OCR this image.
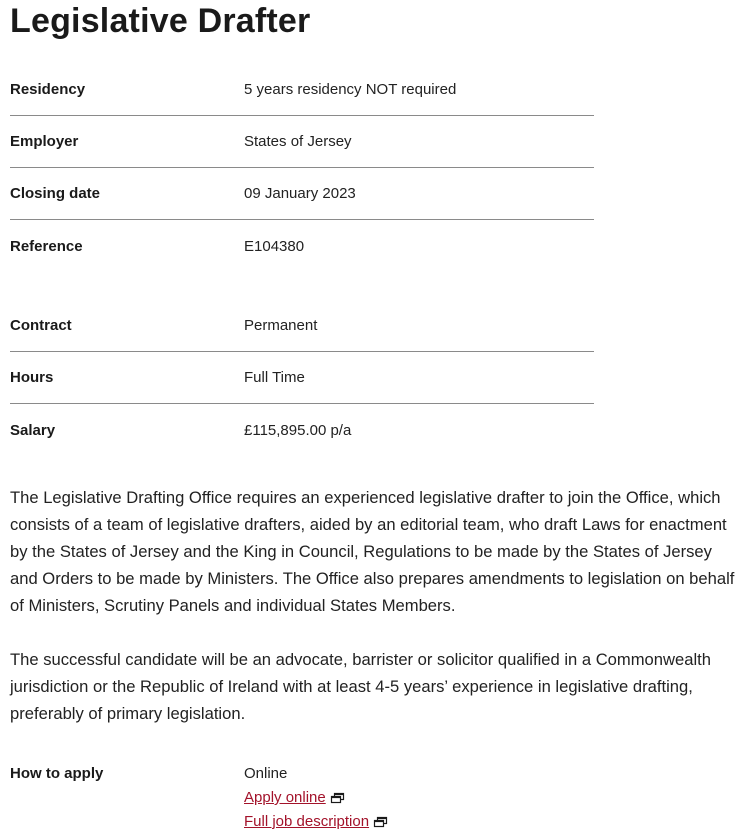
Legislative Drafter
Residency	5 years residency NOT required
Employer	States of Jersey
Closing date	09 January 2023
Reference	E104380
Contract	Permanent
Hours	Full Time
Salary	£115,895.00 p/a

The Legislative Drafting Office requires an experienced legislative drafter to join the Office, which consists of a team of legislative drafters, aided by an editorial team, who draft Laws for enactment by the States of Jersey and the King in Council, Regulations to be made by the States of Jersey and Orders to be made by Ministers. The Office also prepares amendments to legislation on behalf of Ministers, Scrutiny Panels and individual States Members.

The successful candidate will be an advocate, barrister or solicitor qualified in a Commonwealth jurisdiction or the Republic of Ireland with at least 4-5 years’ experience in legislative drafting, preferably of primary legislation.

How to apply	Online
Apply online
Full job description
